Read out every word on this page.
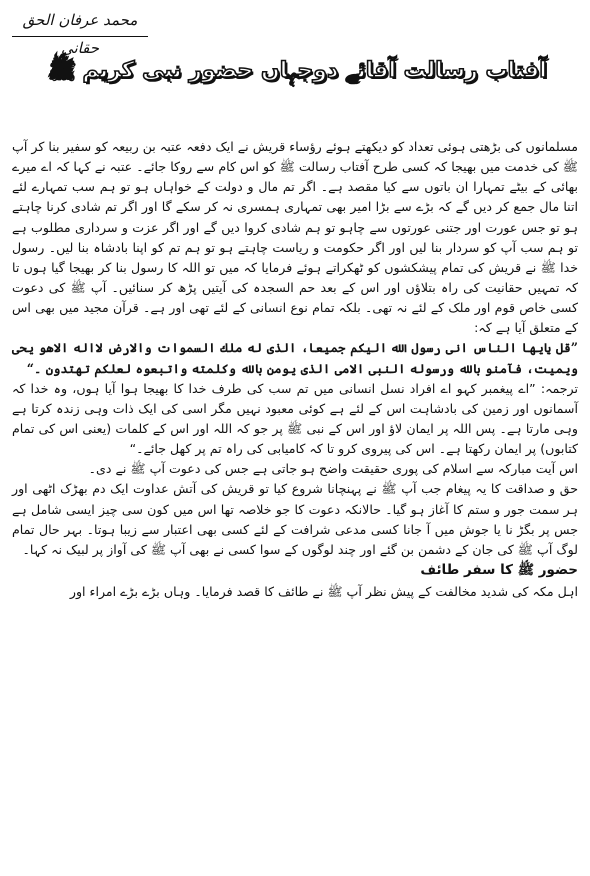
محمد عرفان الحق حقانی
آفتاب رسالت آقائے دوجہاں حضور نبی کریم ﷺ

مسلمانوں کی بڑھتی ہوئی تعداد کو دیکھتے ہوئے رؤساء قریش نے ایک دفعہ عتبہ بن ربیعہ کو سفیر بنا کر آپ ﷺ کی خدمت میں بھیجا کہ کسی طرح آفتاب رسالت ﷺ کو اس کام سے روکا جائے۔ عتبہ نے کہا کہ اے میرے بھائی کے بیٹے تمہارا ان باتوں سے کیا مقصد ہے۔ اگر تم مال و دولت کے خواہاں ہو تو ہم سب تمہارے لئے اتنا مال جمع کر دیں گے کہ بڑے سے بڑا امیر بھی تمہاری ہمسری نہ کر سکے گا اور اگر تم شادی کرنا چاہتے ہو تو جس عورت اور جتنی عورتوں سے چاہو تو ہم شادی کروا دیں گے اور اگر عزت و سرداری مطلوب ہے تو ہم سب آپ کو سردار بنا لیں اور اگر حکومت و ریاست چاہتے ہو تو ہم تم کو اپنا بادشاہ بنا لیں۔ رسول خدا ﷺ نے قریش کی تمام پیشکشوں کو ٹھکراتے ہوئے فرمایا کہ میں تو اللہ کا رسول بنا کر بھیجا گیا ہوں تا کہ تمہیں حقانیت کی راہ بتلاؤں اور اس کے بعد حم السجدہ کی آیتیں پڑھ کر سنائیں۔ آپ ﷺ کی دعوت کسی خاص قوم اور ملک کے لئے نہ تھی۔ بلکہ تمام نوع انسانی کے لئے تھی اور ہے۔ قرآن مجید میں بھی اس کے متعلق آیا ہے کہ:

”قل يايها الناس انى رسول الله اليكم جميعا، الذى له ملك السموات والارض لااله الاهو يحى ويميت، فآمنو بالله ورسوله النبى الامى الذى يومن بالله وكلمته واتبعوه لعلكم تهتدون ۔“

ترجمہ: ”اے پیغمبر کہو اے افراد نسل انسانی میں تم سب کی طرف خدا کا بھیجا ہوا آیا ہوں، وہ خدا کہ آسمانوں اور زمین کی بادشاہت اس کے لئے ہے کوئی معبود نہیں مگر اسی کی ایک ذات وہی زندہ کرتا ہے وہی مارتا ہے۔ پس اللہ پر ایمان لاؤ اور اس کے نبی ﷺ پر جو کہ اللہ اور اس کے کلمات (یعنی اس کی تمام کتابوں) پر ایمان رکھتا ہے۔ اس کی پیروی کرو تا کہ کامیابی کی راہ تم پر کھل جائے۔“

اس آیت مبارکہ سے اسلام کی پوری حقیقت واضح ہو جاتی ہے جس کی دعوت آپ ﷺ نے دی۔

حق و صداقت کا یہ پیغام جب آپ ﷺ نے پہنچانا شروع کیا تو قریش کی آتش عداوت ایک دم بھڑک اٹھی اور ہر سمت جور و ستم کا آغاز ہو گیا۔ حالانکہ دعوت کا جو خلاصہ تھا اس میں کون سی چیز ایسی شامل ہے جس پر بگڑ نا یا جوش میں آ جانا کسی مدعی شرافت کے لئے کسی بھی اعتبار سے زیبا ہوتا۔ بہر حال تمام لوگ آپ ﷺ کی جان کے دشمن بن گئے اور چند لوگوں کے سوا کسی نے بھی آپ ﷺ کی آواز پر لبیک نہ کہا۔

حضور ﷺ کا سفر طائف

اہل مکہ کی شدید مخالفت کے پیش نظر آپ ﷺ نے طائف کا قصد فرمایا۔ وہاں بڑے بڑے امراء اور
